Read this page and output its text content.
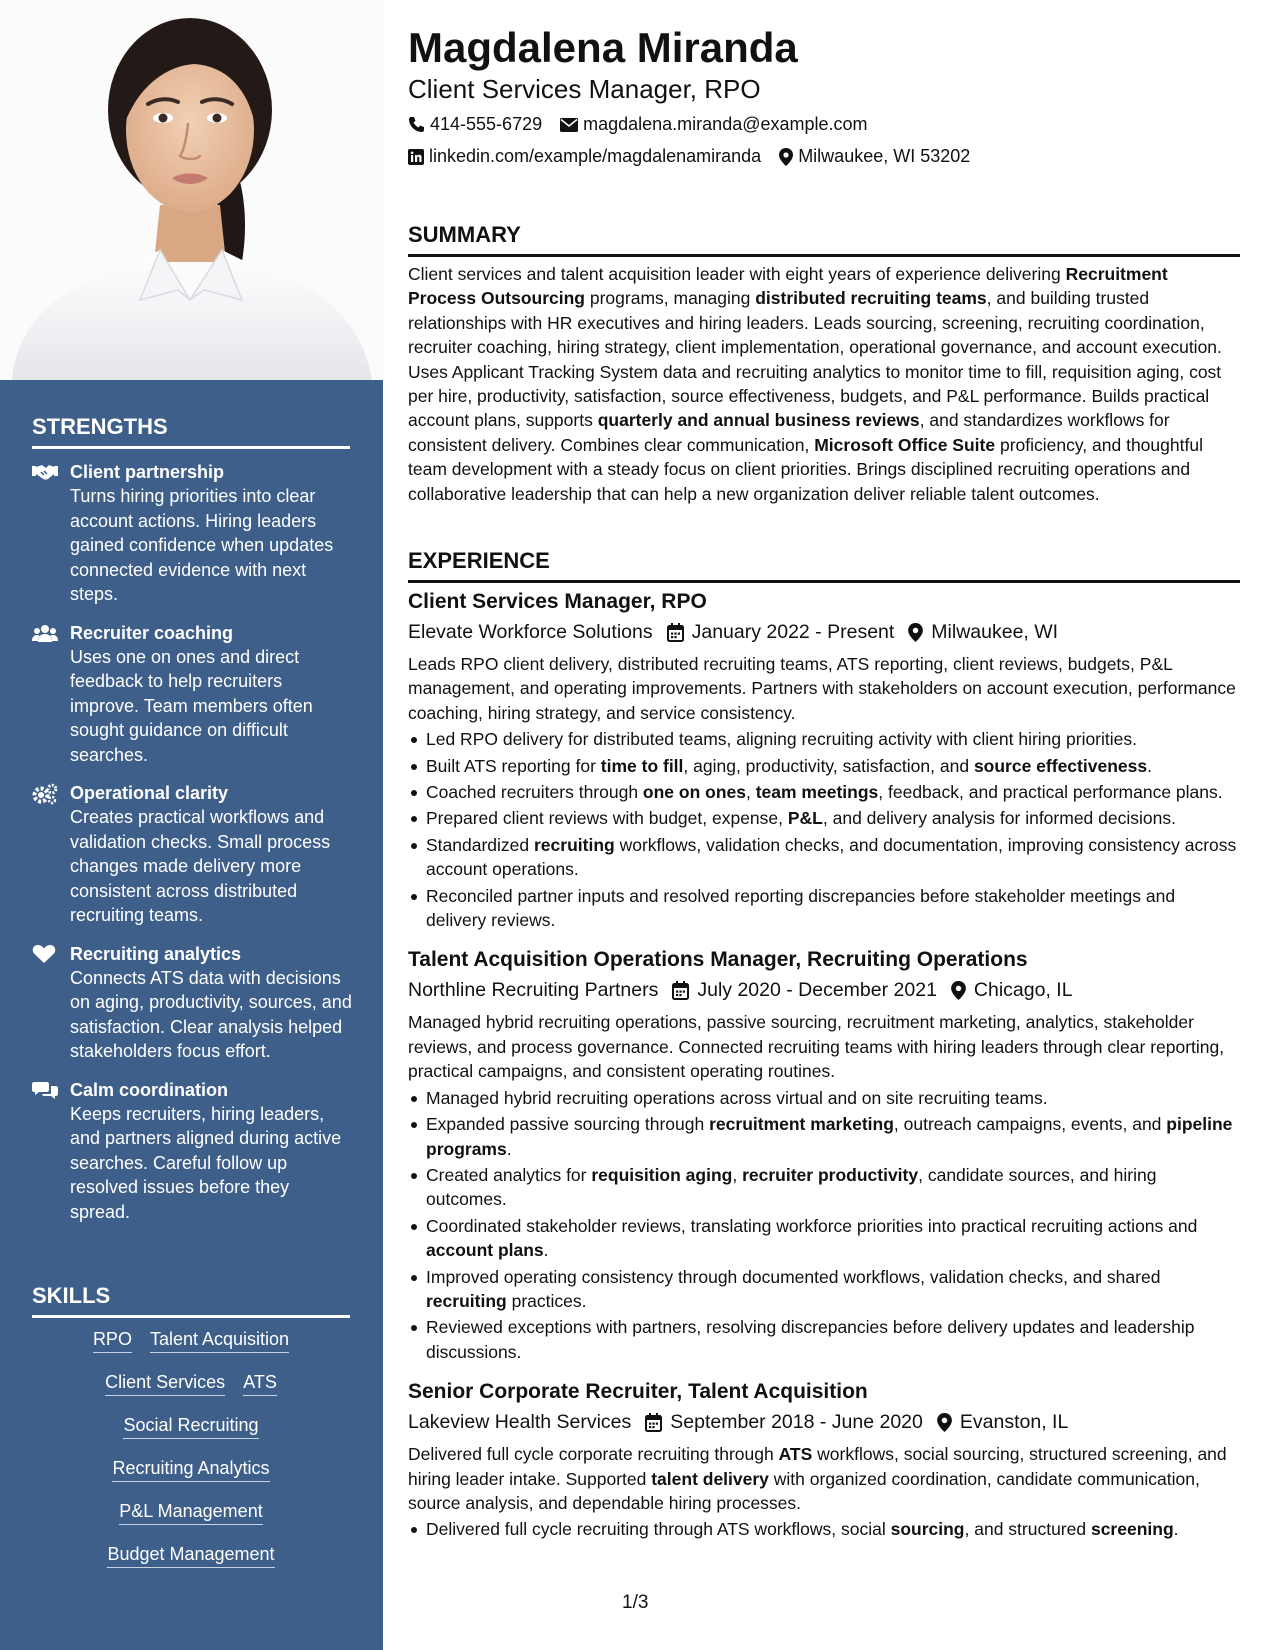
STRENGTHS
Client partnership
Turns hiring priorities into clear account actions. Hiring leaders gained confidence when updates connected evidence with next steps.
Recruiter coaching
Uses one on ones and direct feedback to help recruiters improve. Team members often sought guidance on difficult searches.
Operational clarity
Creates practical workflows and validation checks. Small process changes made delivery more consistent across distributed recruiting teams.
Recruiting analytics
Connects ATS data with decisions on aging, productivity, sources, and satisfaction. Clear analysis helped stakeholders focus effort.
Calm coordination
Keeps recruiters, hiring leaders, and partners aligned during active searches. Careful follow up resolved issues before they spread.
SKILLS
RPO Talent Acquisition
Client Services ATS
Social Recruiting
Recruiting Analytics
P&L Management
Budget Management
Magdalena Miranda
Client Services Manager, RPO
414-555-6729 magdalena.miranda@example.com
linkedin.com/example/magdalenamiranda Milwaukee, WI 53202
SUMMARY
Client services and talent acquisition leader with eight years of experience delivering Recruitment Process Outsourcing programs, managing distributed recruiting teams, and building trusted relationships with HR executives and hiring leaders. Leads sourcing, screening, recruiting coordination, recruiter coaching, hiring strategy, client implementation, operational governance, and account execution. Uses Applicant Tracking System data and recruiting analytics to monitor time to fill, requisition aging, cost per hire, productivity, satisfaction, source effectiveness, budgets, and P&L performance. Builds practical account plans, supports quarterly and annual business reviews, and standardizes workflows for consistent delivery. Combines clear communication, Microsoft Office Suite proficiency, and thoughtful team development with a steady focus on client priorities. Brings disciplined recruiting operations and collaborative leadership that can help a new organization deliver reliable talent outcomes.
EXPERIENCE
Client Services Manager, RPO
Elevate Workforce Solutions January 2022 - Present Milwaukee, WI
Leads RPO client delivery, distributed recruiting teams, ATS reporting, client reviews, budgets, P&L management, and operating improvements. Partners with stakeholders on account execution, performance coaching, hiring strategy, and service consistency.
Led RPO delivery for distributed teams, aligning recruiting activity with client hiring priorities.
Built ATS reporting for time to fill, aging, productivity, satisfaction, and source effectiveness.
Coached recruiters through one on ones, team meetings, feedback, and practical performance plans.
Prepared client reviews with budget, expense, P&L, and delivery analysis for informed decisions.
Standardized recruiting workflows, validation checks, and documentation, improving consistency across account operations.
Reconciled partner inputs and resolved reporting discrepancies before stakeholder meetings and delivery reviews.
Talent Acquisition Operations Manager, Recruiting Operations
Northline Recruiting Partners July 2020 - December 2021 Chicago, IL
Managed hybrid recruiting operations, passive sourcing, recruitment marketing, analytics, stakeholder reviews, and process governance. Connected recruiting teams with hiring leaders through clear reporting, practical campaigns, and consistent operating routines.
Managed hybrid recruiting operations across virtual and on site recruiting teams.
Expanded passive sourcing through recruitment marketing, outreach campaigns, events, and pipeline programs.
Created analytics for requisition aging, recruiter productivity, candidate sources, and hiring outcomes.
Coordinated stakeholder reviews, translating workforce priorities into practical recruiting actions and account plans.
Improved operating consistency through documented workflows, validation checks, and shared recruiting practices.
Reviewed exceptions with partners, resolving discrepancies before delivery updates and leadership discussions.
Senior Corporate Recruiter, Talent Acquisition
Lakeview Health Services September 2018 - June 2020 Evanston, IL
Delivered full cycle corporate recruiting through ATS workflows, social sourcing, structured screening, and hiring leader intake. Supported talent delivery with organized coordination, candidate communication, source analysis, and dependable hiring processes.
Delivered full cycle recruiting through ATS workflows, social sourcing, and structured screening.
1/3
